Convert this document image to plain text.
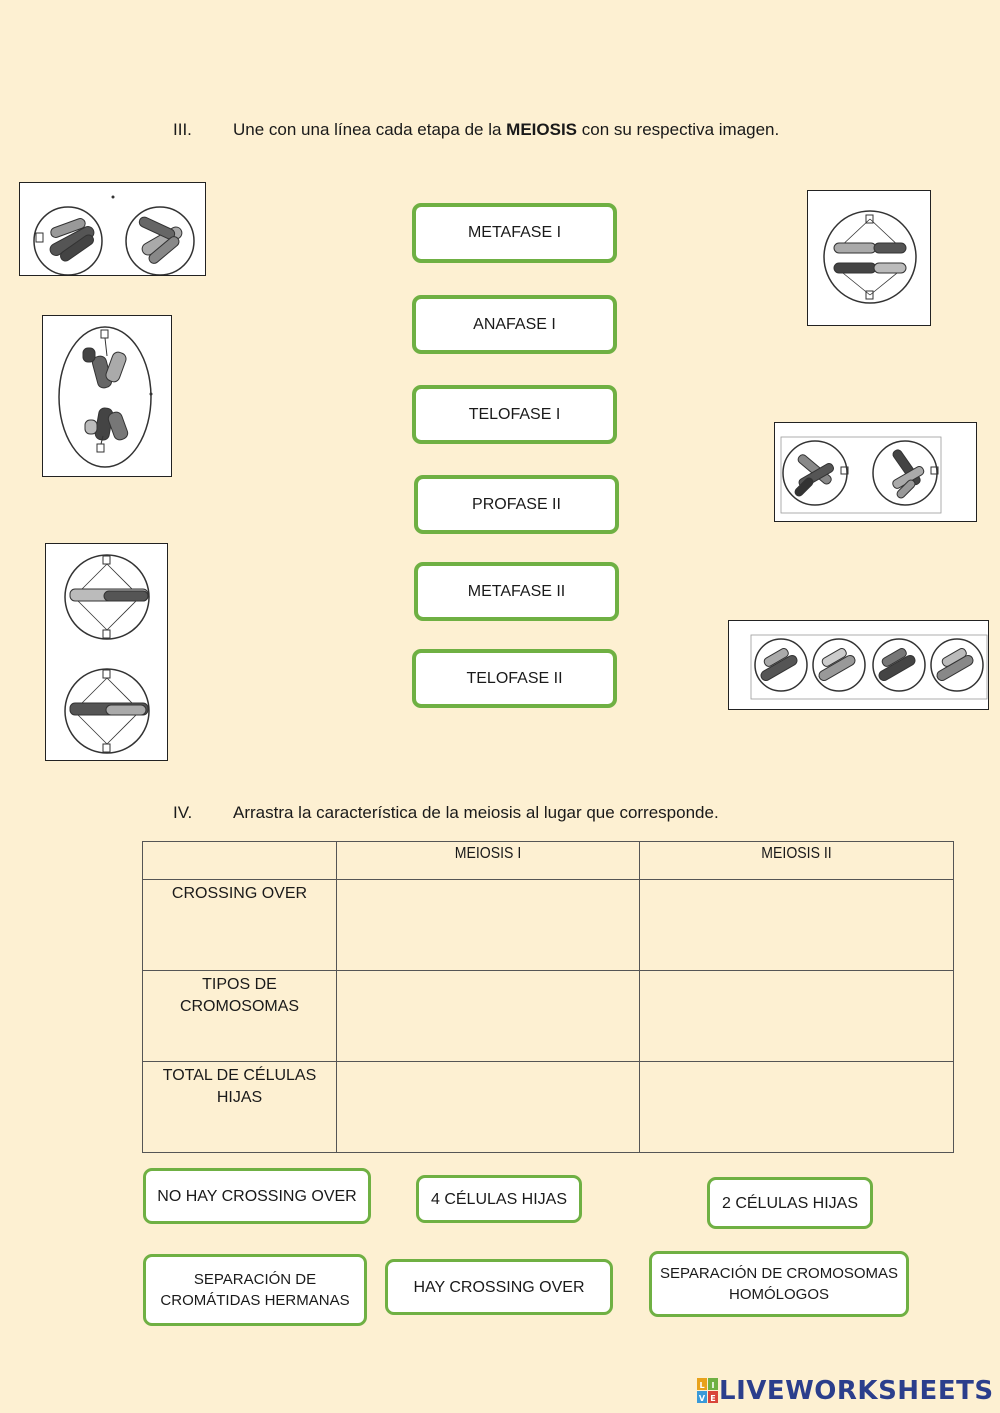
III. Une con una línea cada etapa de la MEIOSIS con su respectiva imagen.
METAFASE I
ANAFASE I
TELOFASE I
PROFASE II
METAFASE II
TELOFASE II
IV. Arrastra la característica de la meiosis al lugar que corresponde.

	MEIOSIS I	MEIOSIS II

CROSSING OVER		

TIPOS DE
CROMOSOMAS		

TOTAL DE CÉLULAS
HIJAS		

NO HAY CROSSING OVER	4 CÉLULAS HIJAS	2 CÉLULAS HIJAS
SEPARACIÓN DE
CROMÁTIDAS HERMANAS
HAY CROSSING OVER
SEPARACIÓN DE CROMOSOMAS
HOMÓLOGOS
L I
V E LIVEWORKSHEETS
